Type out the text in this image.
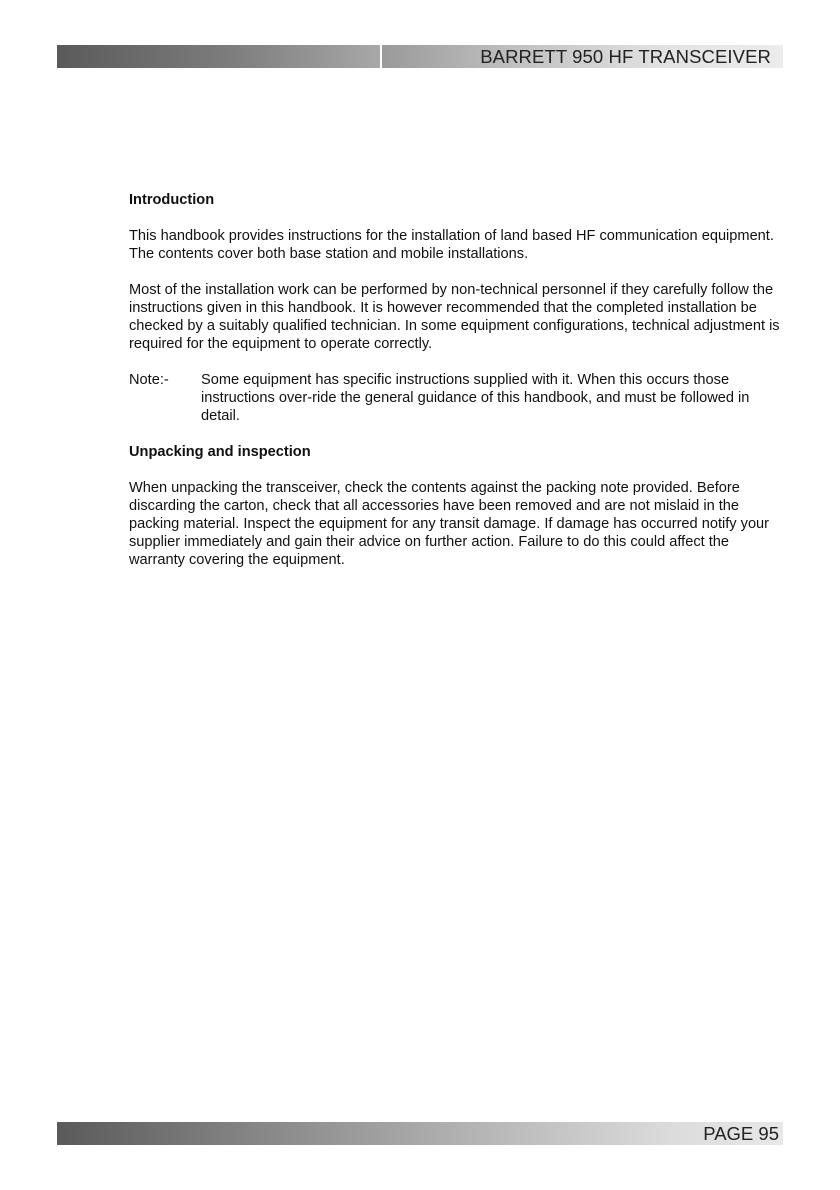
BARRETT 950 HF TRANSCEIVER
Introduction

This handbook provides instructions for the installation of land based HF communication equipment. The contents cover both base station and mobile installations.

Most of the installation work can be performed by non-technical personnel if they carefully follow the instructions given in this handbook. It is however recommended that the completed installation be checked by a suitably qualified technician. In some equipment configurations, technical adjustment is required for the equipment to operate correctly.

Note:-	Some equipment has specific instructions supplied with it. When this occurs those instructions over-ride the general guidance of this handbook, and must be followed in detail.
Unpacking and inspection

When unpacking the transceiver, check the contents against the packing note provided. Before discarding the carton, check that all accessories have been removed and are not mislaid in the packing material. Inspect the equipment for any transit damage. If damage has occurred notify your supplier immediately and gain their advice on further action. Failure to do this could affect the warranty covering the equipment.

PAGE 95
